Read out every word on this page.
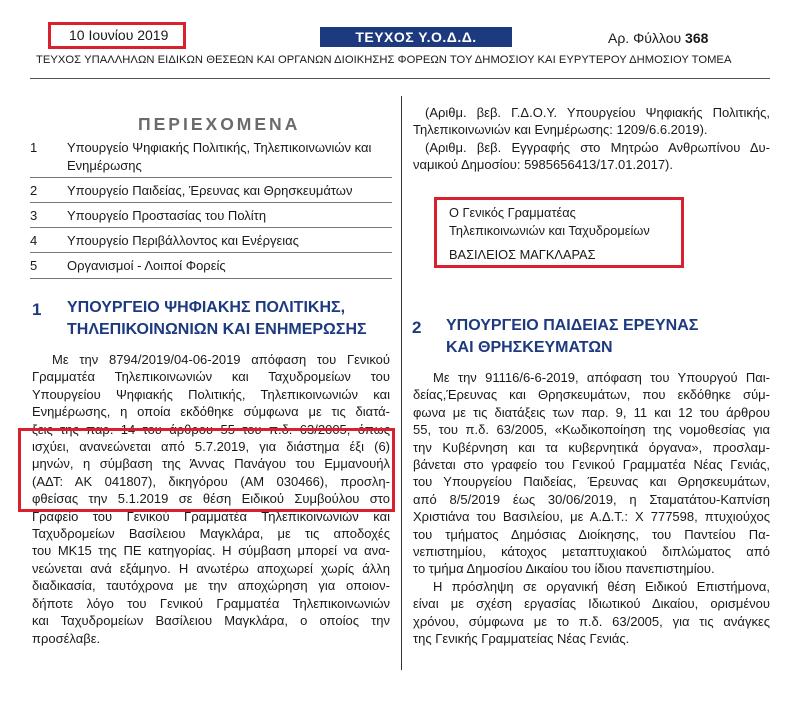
10 Ιουνίου 2019	ΤΕΥΧΟΣ Υ.Ο.Δ.Δ.	Αρ. Φύλλου 368
ΤΕΥΧΟΣ ΥΠΑΛΛΗΛΩΝ ΕΙΔΙΚΩΝ ΘΕΣΕΩΝ ΚΑΙ ΟΡΓΑΝΩΝ ΔΙΟΙΚΗΣΗΣ ΦΟΡΕΩΝ ΤΟΥ ΔΗΜΟΣΙΟΥ ΚΑΙ ΕΥΡΥΤΕΡΟΥ ΔΗΜΟΣΙΟΥ ΤΟΜΕΑ
ΠΕΡΙΕΧΟΜΕΝΑ
1 Υπουργείο Ψηφιακής Πολιτικής, Τηλεπικοινωνιών και Ενημέρωσης
2 Υπουργείο Παιδείας, Έρευνας και Θρησκευμάτων
3 Υπουργείο Προστασίας του Πολίτη
4 Υπουργείο Περιβάλλοντος και Ενέργειας
5 Οργανισμοί - Λοιποί Φορείς
1 ΥΠΟΥΡΓΕΙΟ ΨΗΦΙΑΚΗΣ ΠΟΛΙΤΙΚΗΣ,
ΤΗΛΕΠΙΚΟΙΝΩΝΙΩΝ ΚΑΙ ΕΝΗΜΕΡΩΣΗΣ
Με την 8794/2019/04-06-2019 απόφαση του Γενικού
Γραμματέα Τηλεπικοινωνιών και Ταχυδρομείων του
Υπουργείου Ψηφιακής Πολιτικής, Τηλεπικοινωνιών και
Ενημέρωσης, η οποία εκδόθηκε σύμφωνα με τις διατά-
ξεις της παρ. 14 του άρθρου 55 του π.δ. 63/2005, όπως
ισχύει, ανανεώνεται από 5.7.2019, για διάστημα έξι (6)
μηνών, η σύμβαση της Άννας Πανάγου του Εμμανουήλ
(ΑΔΤ: ΑΚ 041807), δικηγόρου (ΑΜ 030466), προσλη-
φθείσας την 5.1.2019 σε θέση Ειδικού Συμβούλου στο
Γραφείο του Γενικού Γραμματέα Τηλεπικοινωνιών και
Ταχυδρομείων Βασίλειου Μαγκλάρα, με τις αποδοχές
του ΜΚ15 της ΠΕ κατηγορίας. Η σύμβαση μπορεί να ανα-
νεώνεται ανά εξάμηνο. Η ανωτέρω αποχωρεί χωρίς άλλη
διαδικασία, ταυτόχρονα με την αποχώρηση για οποιον-
δήποτε λόγο του Γενικού Γραμματέα Τηλεπικοινωνιών
και Ταχυδρομείων Βασίλειου Μαγκλάρα, ο οποίος την
προσέλαβε.
(Αριθμ. βεβ. Γ.Δ.Ο.Υ. Υπουργείου Ψηφιακής Πολιτικής,
Τηλεπικοινωνιών και Ενημέρωσης: 1209/6.6.2019).
(Αριθμ. βεβ. Εγγραφής στο Μητρώο Ανθρωπίνου Δυ-
ναμικού Δημοσίου: 5985656413/17.01.2017).
Ο Γενικός Γραμματέας
Τηλεπικοινωνιών και Ταχυδρομείων
ΒΑΣΙΛΕΙΟΣ ΜΑΓΚΛΑΡΑΣ
2 ΥΠΟΥΡΓΕΙΟ ΠΑΙΔΕΙΑΣ ΕΡΕΥΝΑΣ
ΚΑΙ ΘΡΗΣΚΕΥΜΑΤΩΝ
Με την 91116/6-6-2019, απόφαση του Υπουργού Παι-
δείας,Έρευνας και Θρησκευμάτων, που εκδόθηκε σύμ-
φωνα με τις διατάξεις των παρ. 9, 11 και 12 του άρθρου
55, του π.δ. 63/2005, «Κωδικοποίηση της νομοθεσίας για
την Κυβέρνηση και τα κυβερνητικά όργανα», προσλαμ-
βάνεται στο γραφείο του Γενικού Γραμματέα Νέας Γενιάς,
του Υπουργείου Παιδείας, Έρευνας και Θρησκευμάτων,
από 8/5/2019 έως 30/06/2019, η Σταματάτου-Καπνίση
Χριστιάνα του Βασιλείου, με Α.Δ.Τ.: Χ 777598, πτυχιούχος
του τμήματος Δημόσιας Διοίκησης, του Παντείου Πα-
νεπιστημίου, κάτοχος μεταπτυχιακού διπλώματος από
το τμήμα Δημοσίου Δικαίου του ίδιου πανεπιστημίου.
Η πρόσληψη σε οργανική θέση Ειδικού Επιστήμονα,
είναι με σχέση εργασίας Ιδιωτικού Δικαίου, ορισμένου
χρόνου, σύμφωνα με το π.δ. 63/2005, για τις ανάγκες
της Γενικής Γραμματείας Νέας Γενιάς.
